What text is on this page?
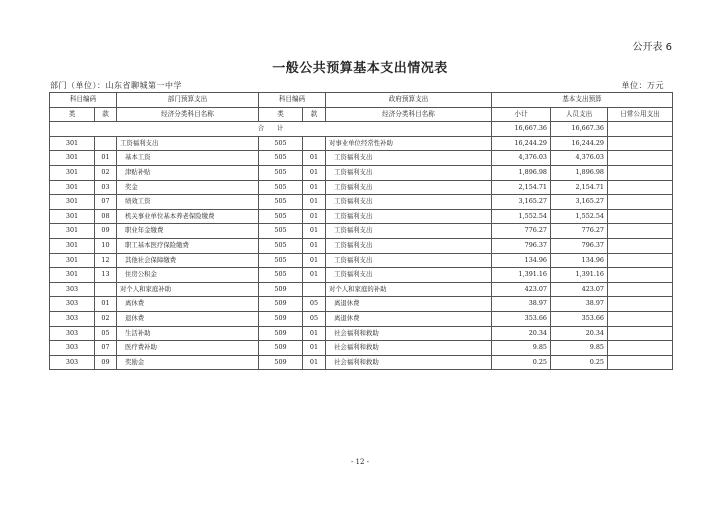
公开表 6
一般公共预算基本支出情况表
部门（单位）：山东省聊城第一中学	单位：万元
科目编码		部门预算支出	科目编码		政府预算支出	基本支出预算		
类	款	经济分类科目名称	类	款	经济分类科目名称	小计	人员支出	日常公用支出
合　　计						16,667.36	16,667.36	
301		工资福利支出	505		对事业单位经常性补助	16,244.29	16,244.29	
301	01	基本工资	505	01	工资福利支出	4,376.03	4,376.03	
301	02	津贴补贴	505	01	工资福利支出	1,896.98	1,896.98	
301	03	奖金	505	01	工资福利支出	2,154.71	2,154.71	
301	07	绩效工资	505	01	工资福利支出	3,165.27	3,165.27	
301	08	机关事业单位基本养老保险缴费	505	01	工资福利支出	1,552.54	1,552.54	
301	09	职业年金缴费	505	01	工资福利支出	776.27	776.27	
301	10	职工基本医疗保险缴费	505	01	工资福利支出	796.37	796.37	
301	12	其他社会保障缴费	505	01	工资福利支出	134.96	134.96	
301	13	住房公积金	505	01	工资福利支出	1,391.16	1,391.16	
303		对个人和家庭补助	509		对个人和家庭的补助	423.07	423.07	
303	01	离休费	509	05	离退休费	38.97	38.97	
303	02	退休费	509	05	离退休费	353.66	353.66	
303	05	生活补助	509	01	社会福利和救助	20.34	20.34	
303	07	医疗费补助	509	01	社会福利和救助	9.85	9.85	
303	09	奖励金	509	01	社会福利和救助	0.25	0.25	
- 12 -
